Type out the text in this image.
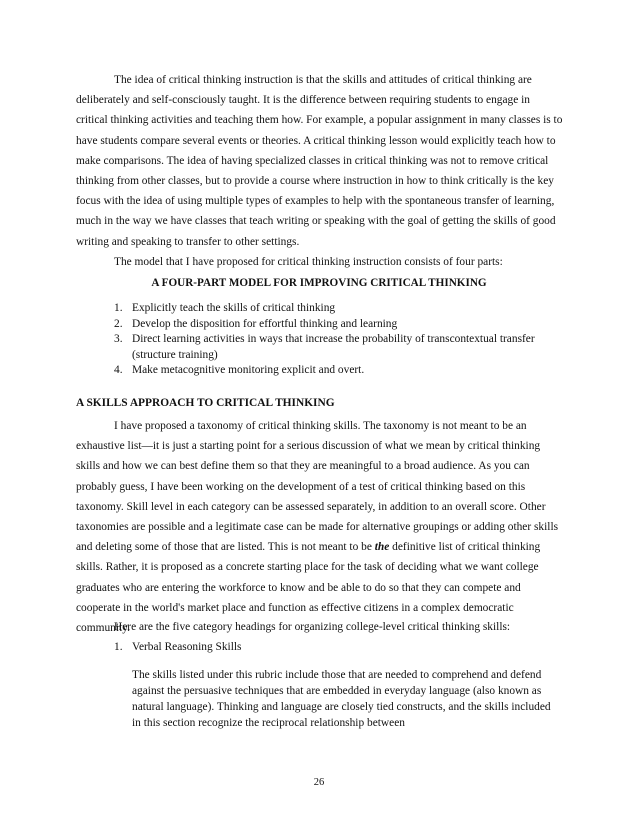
The idea of critical thinking instruction is that the skills and attitudes of critical thinking are deliberately and self-consciously taught. It is the difference between requiring students to engage in critical thinking activities and teaching them how. For example, a popular assignment in many classes is to have students compare several events or theories. A critical thinking lesson would explicitly teach how to make comparisons. The idea of having specialized classes in critical thinking was not to remove critical thinking from other classes, but to provide a course where instruction in how to think critically is the key focus with the idea of using multiple types of examples to help with the spontaneous transfer of learning, much in the way we have classes that teach writing or speaking with the goal of getting the skills of good writing and speaking to transfer to other settings.

The model that I have proposed for critical thinking instruction consists of four parts:

A FOUR-PART MODEL FOR IMPROVING CRITICAL THINKING

1. Explicitly teach the skills of critical thinking
2. Develop the disposition for effortful thinking and learning
3. Direct learning activities in ways that increase the probability of transcontextual transfer (structure training)
4. Make metacognitive monitoring explicit and overt.

A SKILLS APPROACH TO CRITICAL THINKING

I have proposed a taxonomy of critical thinking skills. The taxonomy is not meant to be an exhaustive list—it is just a starting point for a serious discussion of what we mean by critical thinking skills and how we can best define them so that they are meaningful to a broad audience. As you can probably guess, I have been working on the development of a test of critical thinking based on this taxonomy. Skill level in each category can be assessed separately, in addition to an overall score. Other taxonomies are possible and a legitimate case can be made for alternative groupings or adding other skills and deleting some of those that are listed. This is not meant to be the definitive list of critical thinking skills. Rather, it is proposed as a concrete starting place for the task of deciding what we want college graduates who are entering the workforce to know and be able to do so that they can compete and cooperate in the world's market place and function as effective citizens in a complex democratic community.

Here are the five category headings for organizing college-level critical thinking skills:

1. Verbal Reasoning Skills

The skills listed under this rubric include those that are needed to comprehend and defend against the persuasive techniques that are embedded in everyday language (also known as natural language). Thinking and language are closely tied constructs, and the skills included in this section recognize the reciprocal relationship between

26
